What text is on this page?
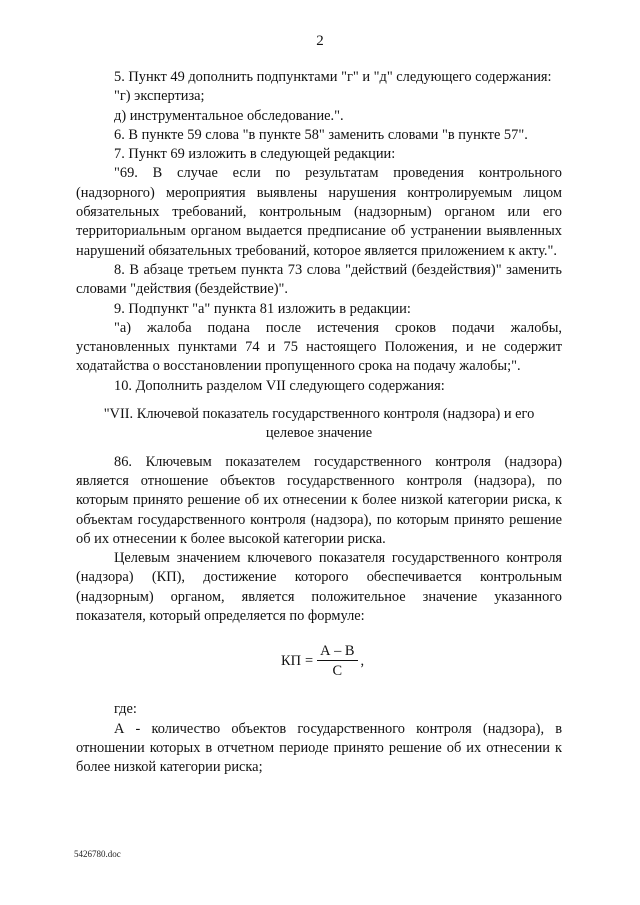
2

5. Пункт 49 дополнить подпунктами "г" и "д" следующего содержания:

"г) экспертиза;

д) инструментальное обследование.".

6. В пункте 59 слова "в пункте 58" заменить словами "в пункте 57".

7. Пункт 69 изложить в следующей редакции:

"69. В случае если по результатам проведения контрольного (надзорного) мероприятия выявлены нарушения контролируемым лицом обязательных требований, контрольным (надзорным) органом или его территориальным органом выдается предписание об устранении выявленных нарушений обязательных требований, которое является приложением к акту.".

8. В абзаце третьем пункта 73 слова "действий (бездействия)" заменить словами "действия (бездействие)".

9. Подпункт "а" пункта 81 изложить в редакции:

"а) жалоба подана после истечения сроков подачи жалобы, установленных пунктами 74 и 75 настоящего Положения, и не содержит ходатайства о восстановлении пропущенного срока на подачу жалобы;".

10. Дополнить разделом VII следующего содержания:

"VII. Ключевой показатель государственного контроля (надзора) и его
целевое значение

86. Ключевым показателем государственного контроля (надзора) является отношение объектов государственного контроля (надзора), по которым принято решение об их отнесении к более низкой категории риска, к объектам государственного контроля (надзора), по которым принято решение об их отнесении к более высокой категории риска.

Целевым значением ключевого показателя государственного контроля (надзора) (КП), достижение которого обеспечивается контрольным (надзорным) органом, является положительное значение указанного показателя, который определяется по формуле:

КП = $\frac{А - В}{С}$ ,

где:

А - количество объектов государственного контроля (надзора), в отношении которых в отчетном периоде принято решение об их отнесении к более низкой категории риска;

5426780.doc
